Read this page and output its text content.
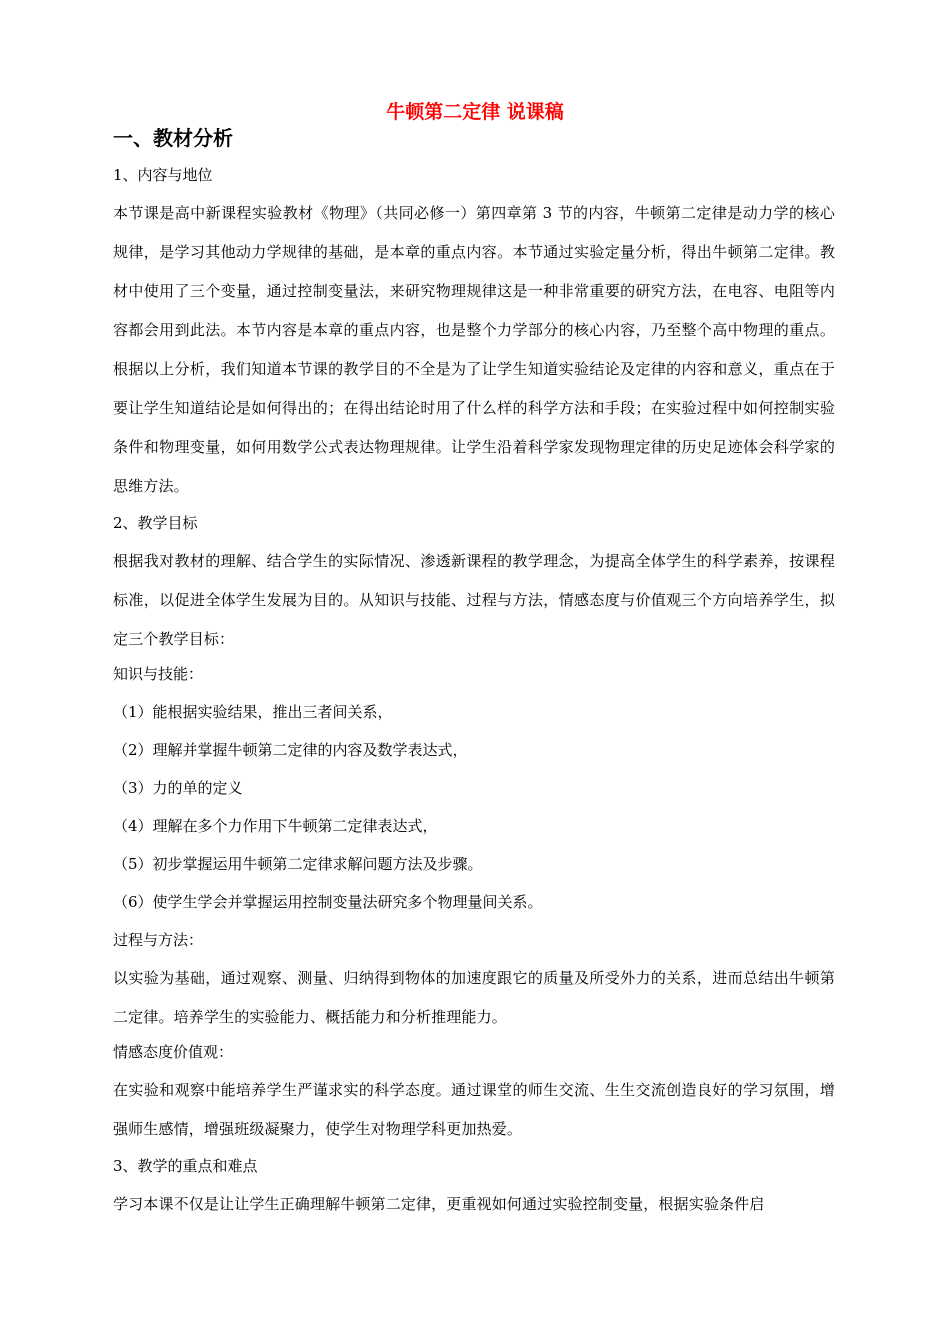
牛顿第二定律 说课稿
一、教材分析
1、内容与地位
本节课是高中新课程实验教材《物理》（共同必修一）第四章第 3 节的内容，牛顿第二定律是动力学的核心规律，是学习其他动力学规律的基础，是本章的重点内容。本节通过实验定量分析，得出牛顿第二定律。教材中使用了三个变量，通过控制变量法，来研究物理规律这是一种非常重要的研究方法，在电容、电阻等内容都会用到此法。本节内容是本章的重点内容，也是整个力学部分的核心内容，乃至整个高中物理的重点。根据以上分析，我们知道本节课的教学目的不全是为了让学生知道实验结论及定律的内容和意义，重点在于要让学生知道结论是如何得出的；在得出结论时用了什么样的科学方法和手段；在实验过程中如何控制实验条件和物理变量，如何用数学公式表达物理规律。让学生沿着科学家发现物理定律的历史足迹体会科学家的思维方法。
2、教学目标
根据我对教材的理解、结合学生的实际情况、渗透新课程的教学理念，为提高全体学生的科学素养，按课程标准，以促进全体学生发展为目的。从知识与技能、过程与方法，情感态度与价值观三个方向培养学生，拟定三个教学目标：
知识与技能：
（1）能根据实验结果，推出三者间关系，
（2）理解并掌握牛顿第二定律的内容及数学表达式，
（3）力的单的定义
（4）理解在多个力作用下牛顿第二定律表达式，
（5）初步掌握运用牛顿第二定律求解问题方法及步骤。
（6）使学生学会并掌握运用控制变量法研究多个物理量间关系。
过程与方法：
以实验为基础，通过观察、测量、归纳得到物体的加速度跟它的质量及所受外力的关系，进而总结出牛顿第二定律。培养学生的实验能力、概括能力和分析推理能力。
情感态度价值观：
在实验和观察中能培养学生严谨求实的科学态度。通过课堂的师生交流、生生交流创造良好的学习氛围，增强师生感情，增强班级凝聚力，使学生对物理学科更加热爱。
3、教学的重点和难点
学习本课不仅是让让学生正确理解牛顿第二定律，更重视如何通过实验控制变量，根据实验条件启
